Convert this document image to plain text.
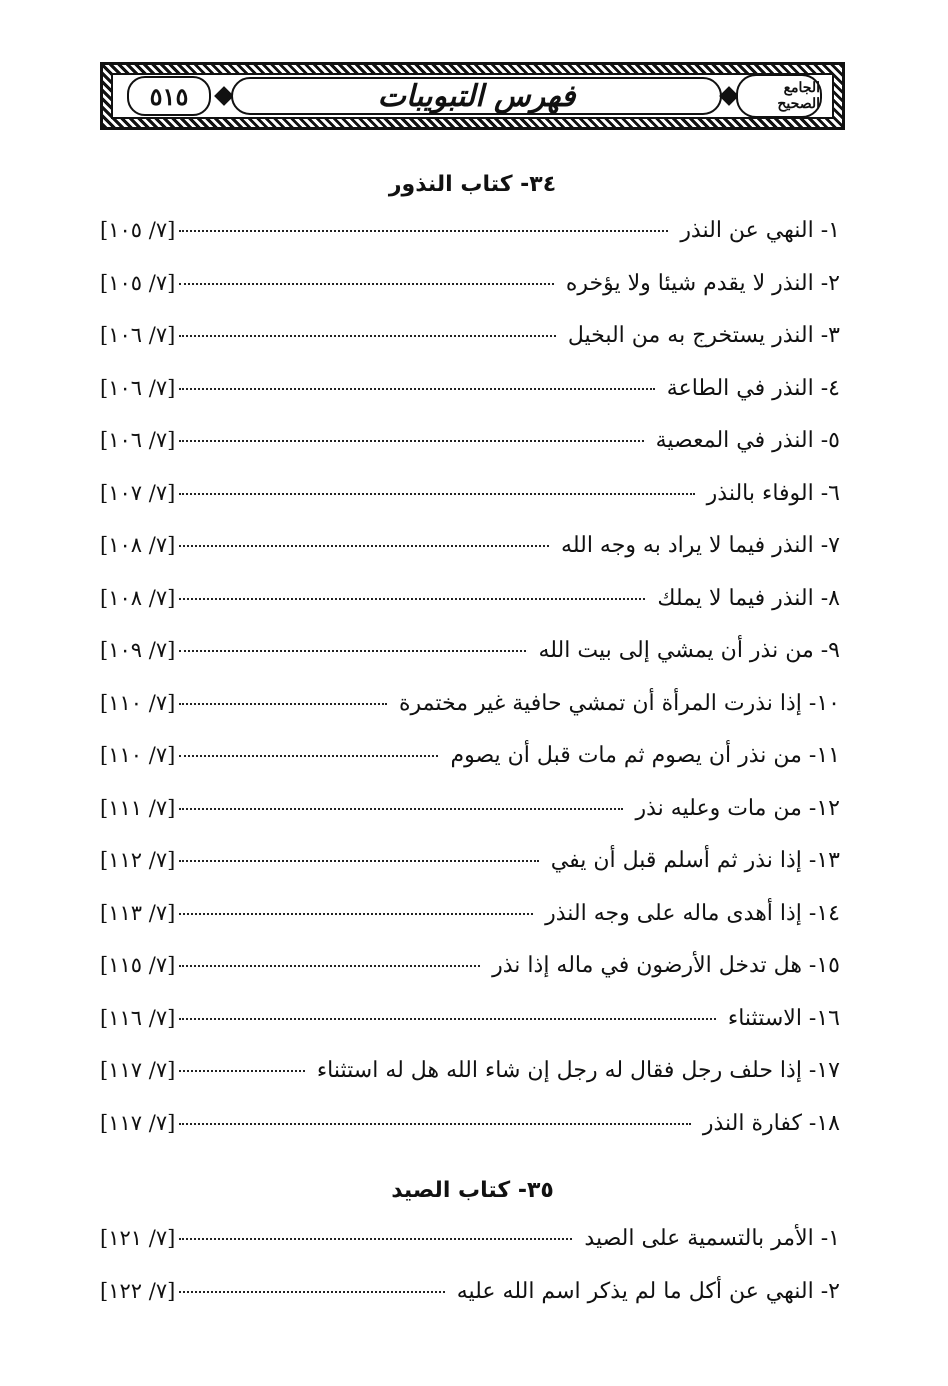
٥١٥	فهرس التبويبات	الجامع الصحيح
٣٤- كتاب النذور
١- النهي عن النذر
[٧/ ١٠٥]
٢- النذر لا يقدم شيئا ولا يؤخره
[٧/ ١٠٥]
٣- النذر يستخرج به من البخيل
[٧/ ١٠٦]
٤- النذر في الطاعة
[٧/ ١٠٦]
٥- النذر في المعصية
[٧/ ١٠٦]
٦- الوفاء بالنذر
[٧/ ١٠٧]
٧- النذر فيما لا يراد به وجه الله
[٧/ ١٠٨]
٨- النذر فيما لا يملك
[٧/ ١٠٨]
٩- من نذر أن يمشي إلى بيت الله
[٧/ ١٠٩]
١٠- إذا نذرت المرأة أن تمشي حافية غير مختمرة
[٧/ ١١٠]
١١- من نذر أن يصوم ثم مات قبل أن يصوم
[٧/ ١١٠]
١٢- من مات وعليه نذر
[٧/ ١١١]
١٣- إذا نذر ثم أسلم قبل أن يفي
[٧/ ١١٢]
١٤- إذا أهدى ماله على وجه النذر
[٧/ ١١٣]
١٥- هل تدخل الأرضون في ماله إذا نذر
[٧/ ١١٥]
١٦- الاستثناء
[٧/ ١١٦]
١٧- إذا حلف رجل فقال له رجل إن شاء الله هل له استثناء
[٧/ ١١٧]
١٨- كفارة النذر
[٧/ ١١٧]
٣٥- كتاب الصيد
١- الأمر بالتسمية على الصيد
[٧/ ١٢١]
٢- النهي عن أكل ما لم يذكر اسم الله عليه
[٧/ ١٢٢]
